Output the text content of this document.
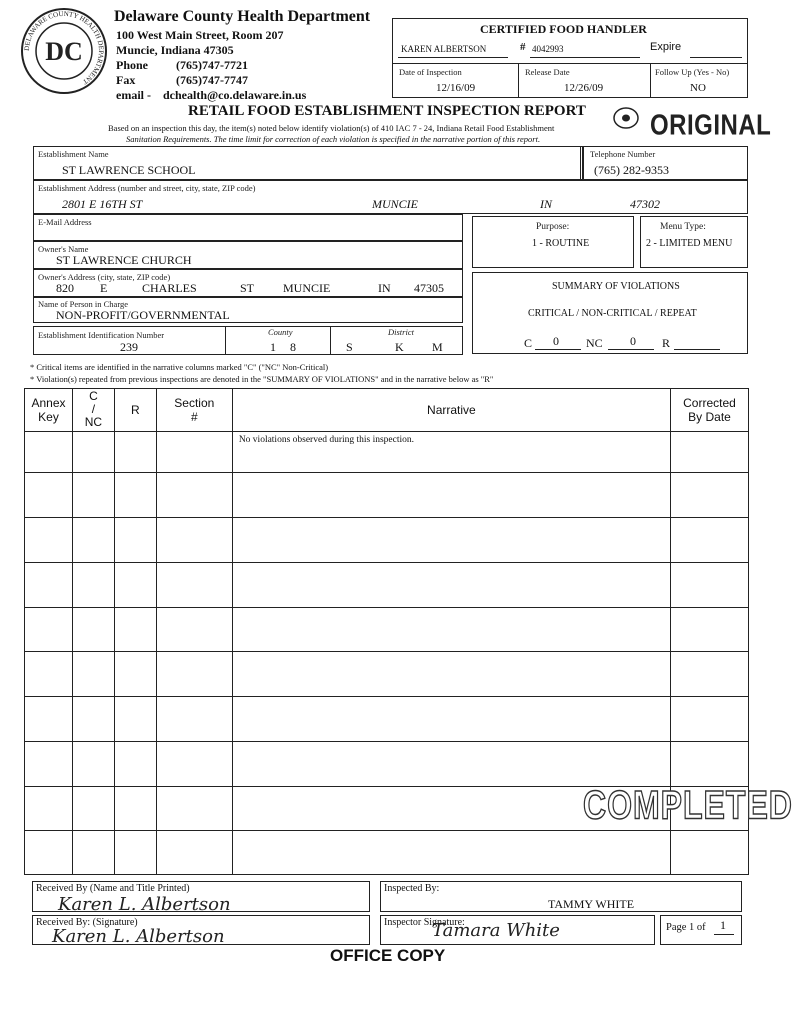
DELAWARE COUNTY HEALTH DEPARTMENT
DC
Delaware County Health Department
100 West Main Street, Room 207
Muncie, Indiana 47305
Phone (765)747-7721
Fax	(765)747-7747
email - dchealth@co.delaware.in.us
CERTIFIED FOOD HANDLER
KAREN ALBERTSON	# 4042993	Expire
Date of Inspection
12/16/09
Release Date
12/26/09
Follow Up (Yes - No)
NO
RETAIL FOOD ESTABLISHMENT INSPECTION REPORT	ORIGINAL
Based on an inspection this day, the item(s) noted below identify violation(s) of 410 IAC 7 - 24, Indiana Retail Food Establishment
Sanitation Requirements. The time limit for correction of each violation is specified in the narrative portion of this report.
Establishment Name
ST LAWRENCE SCHOOL
Telephone Number
(765) 282-9353
Establishment Address (number and street, city, state, ZIP code)
2801 E 16TH ST	MUNCIE	IN	47302
E-Mail Address
Owner's Name
ST LAWRENCE CHURCH
Owner's Address (city, state, ZIP code)
820 E	CHARLES	ST MUNCIE	IN 47305
Name of Person in Charge
NON-PROFIT/GOVERNMENTAL
Establishment Identification Number
239
County
1 8
District
S	K M
Purpose:
1 - ROUTINE
Menu Type:
2 - LIMITED MENU
SUMMARY OF VIOLATIONS
CRITICAL / NON-CRITICAL / REPEAT
C 0 NC 0 R
* Critical items are identified in the narrative columns marked "C" ("NC" Non-Critical)
* Violation(s) repeated from previous inspections are denoted in the "SUMMARY OF VIOLATIONS" and in the narrative below as "R"
Annex Key	C
/
NC	R	Section #	Narrative	Corrected By Date

				No violations observed during this inspection.	

COMPLETED
Received By (Name and Title Printed)
Karen L. Albertson
Received By: (Signature)
Karen L. Albertson
Inspected By:
TAMMY WHITE
Inspector Signature:
Tamara White	Page 1 of 1
OFFICE COPY
